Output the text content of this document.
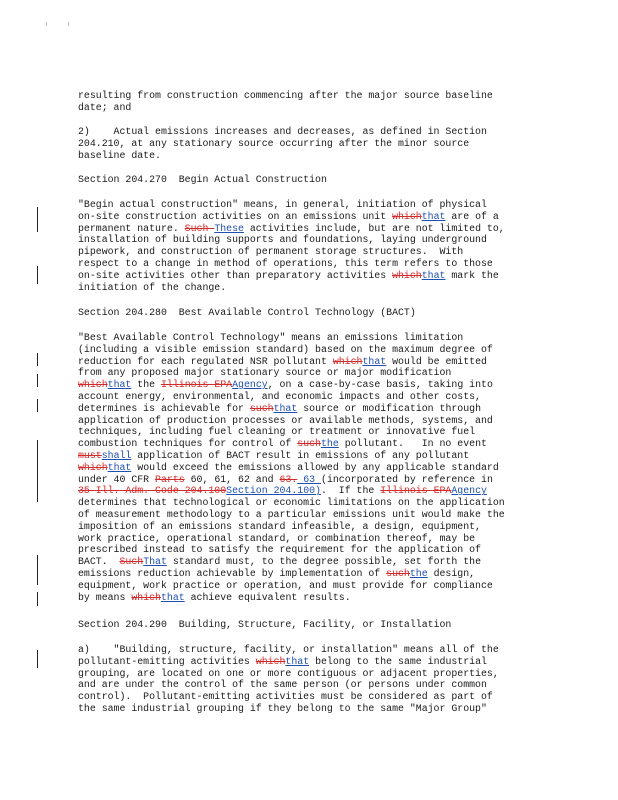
resulting from construction commencing after the major source baseline
date; and
2)    Actual emissions increases and decreases, as defined in Section
204.210, at any stationary source occurring after the minor source
baseline date.
Section 204.270  Begin Actual Construction
"Begin actual construction" means, in general, initiation of physical
on-site construction activities on an emissions unit whichthat are of a
permanent nature. Such These activities include, but are not limited to,
installation of building supports and foundations, laying underground
pipework, and construction of permanent storage structures.  With
respect to a change in method of operations, this term refers to those
on-site activities other than preparatory activities whichthat mark the
initiation of the change.
Section 204.280  Best Available Control Technology (BACT)
"Best Available Control Technology" means an emissions limitation
(including a visible emission standard) based on the maximum degree of
reduction for each regulated NSR pollutant whichthat would be emitted
from any proposed major stationary source or major modification
whichthat the Illinois EPAAgency, on a case-by-case basis, taking into
account energy, environmental, and economic impacts and other costs,
determines is achievable for suchthat source or modification through
application of production processes or available methods, systems, and
techniques, including fuel cleaning or treatment or innovative fuel
combustion techniques for control of suchthe pollutant.   In no event
mustshall application of BACT result in emissions of any pollutant
whichthat would exceed the emissions allowed by any applicable standard
under 40 CFR Parts 60, 61, 62 and 63. 63 (incorporated by reference in
35 Ill. Adm. Code 204.100Section 204.100).  If the Illinois EPAAgency
determines that technological or economic limitations on the application
of measurement methodology to a particular emissions unit would make the
imposition of an emissions standard infeasible, a design, equipment,
work practice, operational standard, or combination thereof, may be
prescribed instead to satisfy the requirement for the application of
BACT.  SuchThat standard must, to the degree possible, set forth the
emissions reduction achievable by implementation of suchthe design,
equipment, work practice or operation, and must provide for compliance
by means whichthat achieve equivalent results.
Section 204.290  Building, Structure, Facility, or Installation
a)    "Building, structure, facility, or installation" means all of the
pollutant-emitting activities whichthat belong to the same industrial
grouping, are located on one or more contiguous or adjacent properties,
and are under the control of the same person (or persons under common
control).  Pollutant-emitting activities must be considered as part of
the same industrial grouping if they belong to the same "Major Group"
